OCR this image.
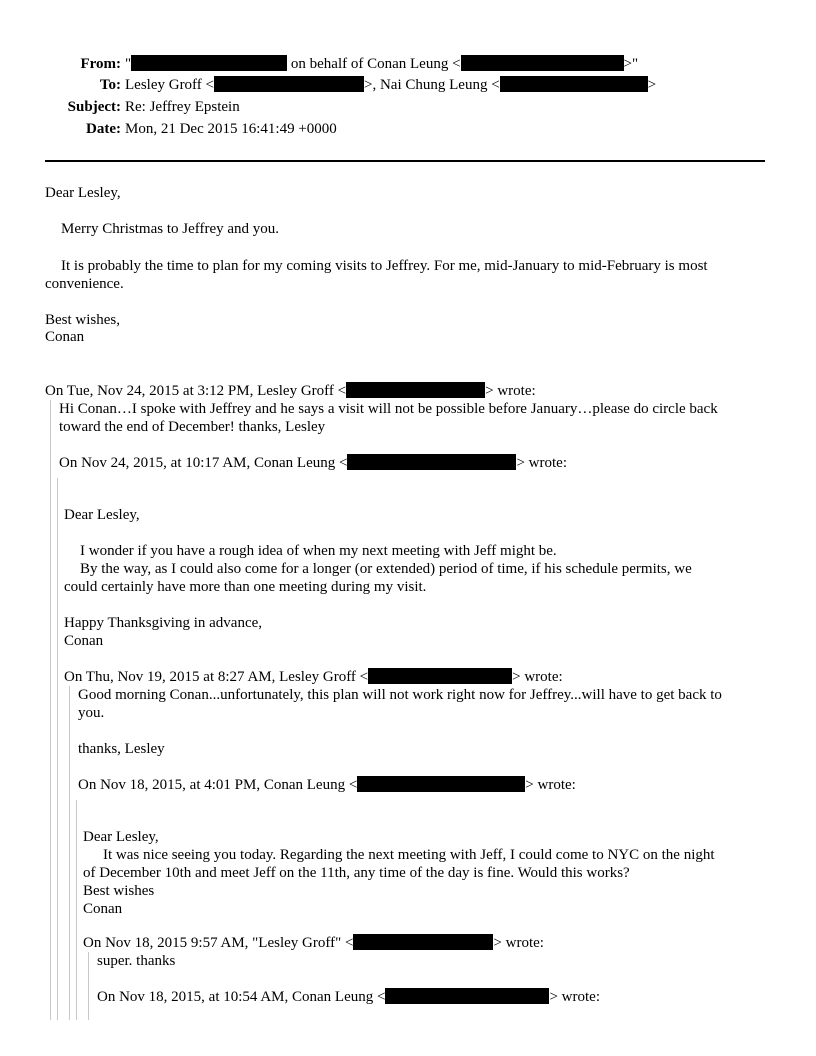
From: "	on behalf of Conan Leung <	>"
To: Lesley Groff <	>, Nai Chung Leung <	>
Subject: Re: Jeffrey Epstein
Date: Mon, 21 Dec 2015 16:41:49 +0000
Dear Lesley,
Merry Christmas to Jeffrey and you.
It is probably the time to plan for my coming visits to Jeffrey. For me, mid-January to mid-February is most
convenience.
Best wishes,
Conan
On Tue, Nov 24, 2015 at 3:12 PM, Lesley Groff <	> wrote:
Hi Conan…I spoke with Jeffrey and he says a visit will not be possible before January…please do circle back
toward the end of December! thanks, Lesley
On Nov 24, 2015, at 10:17 AM, Conan Leung <	> wrote:
Dear Lesley,
I wonder if you have a rough idea of when my next meeting with Jeff might be.
By the way, as I could also come for a longer (or extended) period of time, if his schedule permits, we
could certainly have more than one meeting during my visit.
Happy Thanksgiving in advance,
Conan
On Thu, Nov 19, 2015 at 8:27 AM, Lesley Groff <	> wrote:
Good morning Conan...unfortunately, this plan will not work right now for Jeffrey...will have to get back to
you.
thanks, Lesley
On Nov 18, 2015, at 4:01 PM, Conan Leung <	> wrote:
Dear Lesley,
It was nice seeing you today. Regarding the next meeting with Jeff, I could come to NYC on the night
of December 10th and meet Jeff on the 11th, any time of the day is fine. Would this works?
Best wishes
Conan
On Nov 18, 2015 9:57 AM, "Lesley Groff" <	> wrote:
super. thanks
On Nov 18, 2015, at 10:54 AM, Conan Leung <	> wrote:
